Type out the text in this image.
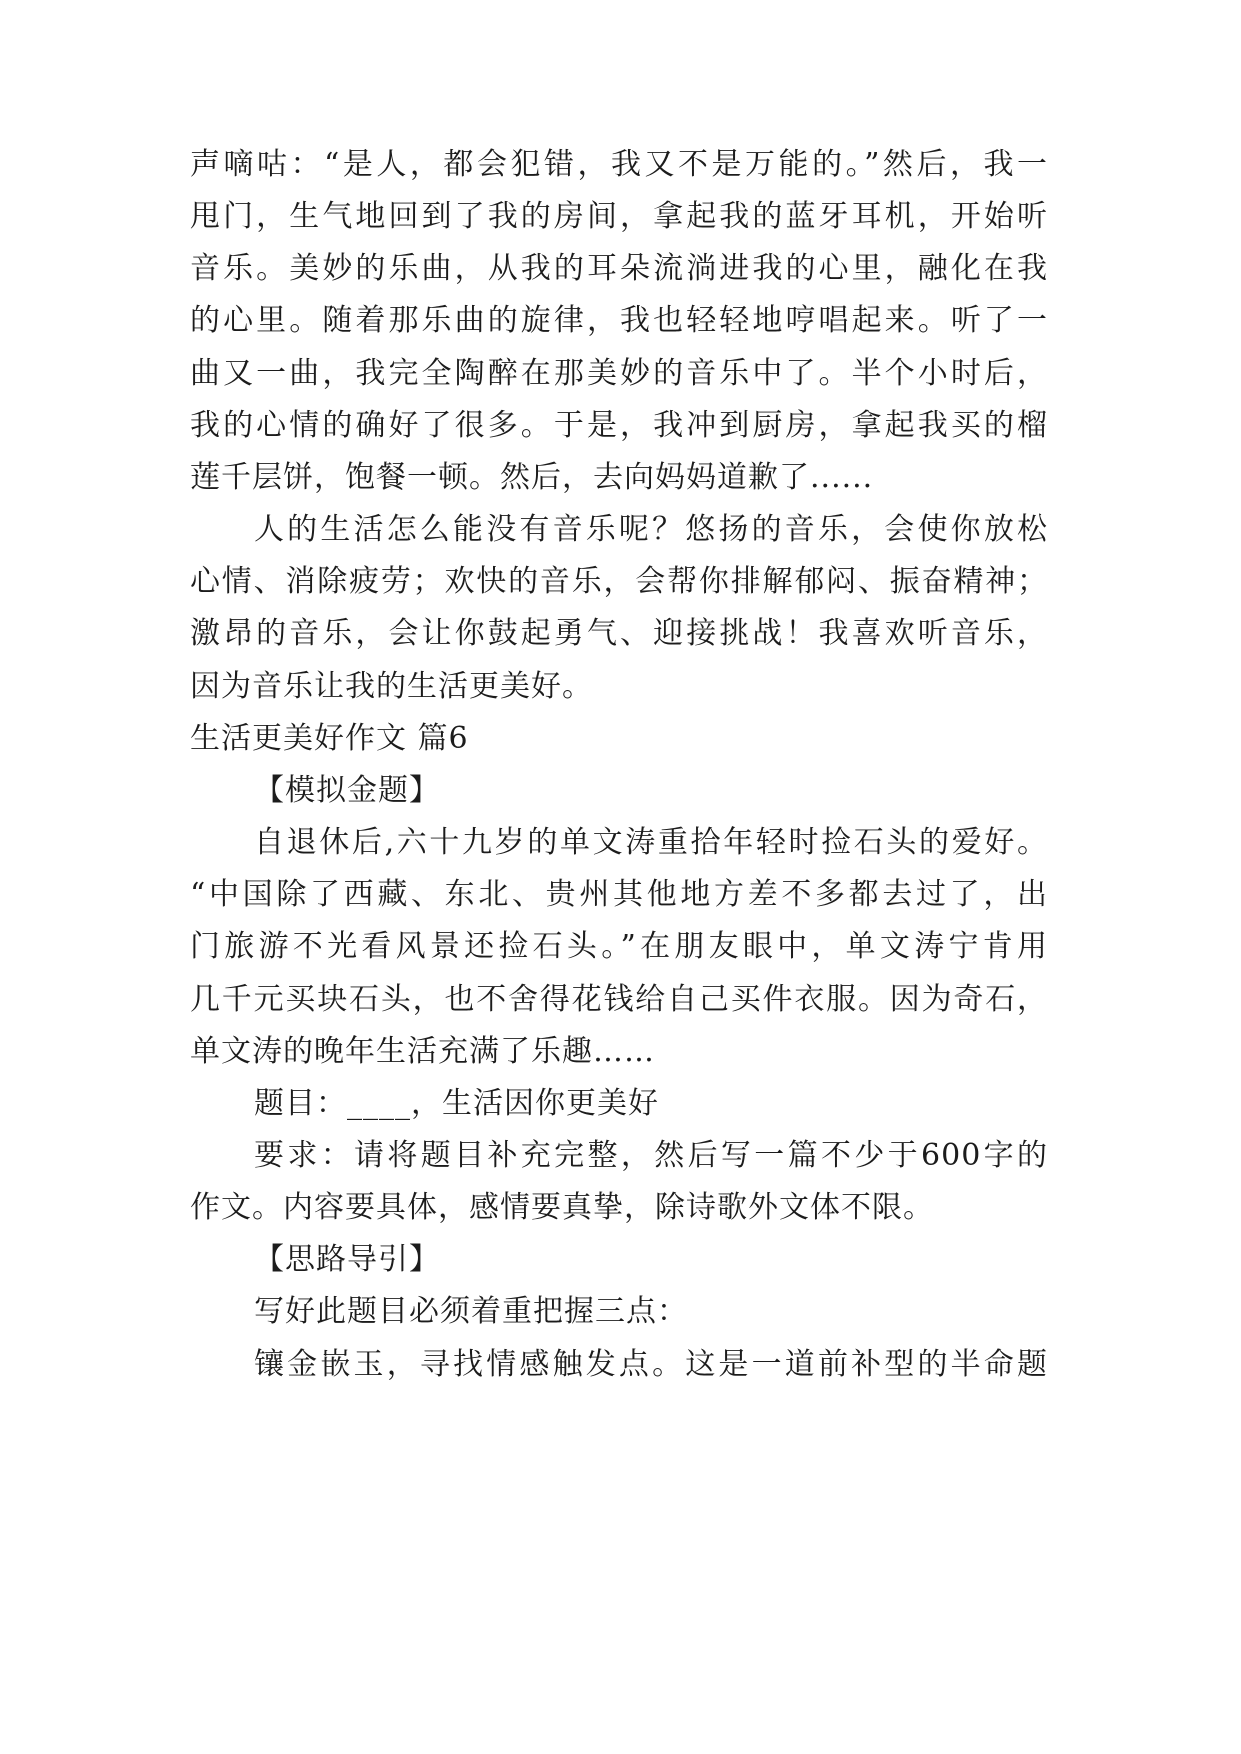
声嘀咕：“是人，都会犯错，我又不是万能的。”然后，我一
甩门，生气地回到了我的房间，拿起我的蓝牙耳机，开始听
音乐。美妙的乐曲，从我的耳朵流淌进我的心里，融化在我
的心里。随着那乐曲的旋律，我也轻轻地哼唱起来。听了一
曲又一曲，我完全陶醉在那美妙的音乐中了。半个小时后，
我的心情的确好了很多。于是，我冲到厨房，拿起我买的榴
莲千层饼，饱餐一顿。然后，去向妈妈道歉了......
人的生活怎么能没有音乐呢？悠扬的音乐，会使你放松
心情、消除疲劳；欢快的音乐，会帮你排解郁闷、振奋精神；
激昂的音乐，会让你鼓起勇气、迎接挑战！我喜欢听音乐，
因为音乐让我的生活更美好。
生活更美好作文 篇6
【模拟金题】
自退休后,六十九岁的单文涛重拾年轻时捡石头的爱好。
“中国除了西藏、东北、贵州其他地方差不多都去过了，出
门旅游不光看风景还捡石头。”在朋友眼中，单文涛宁肯用
几千元买块石头，也不舍得花钱给自己买件衣服。因为奇石，
单文涛的晚年生活充满了乐趣……
题目：____，生活因你更美好
要求：请将题目补充完整，然后写一篇不少于600字的
作文。内容要具体，感情要真挚，除诗歌外文体不限。
【思路导引】
写好此题目必须着重把握三点：
镶金嵌玉，寻找情感触发点。这是一道前补型的半命题
